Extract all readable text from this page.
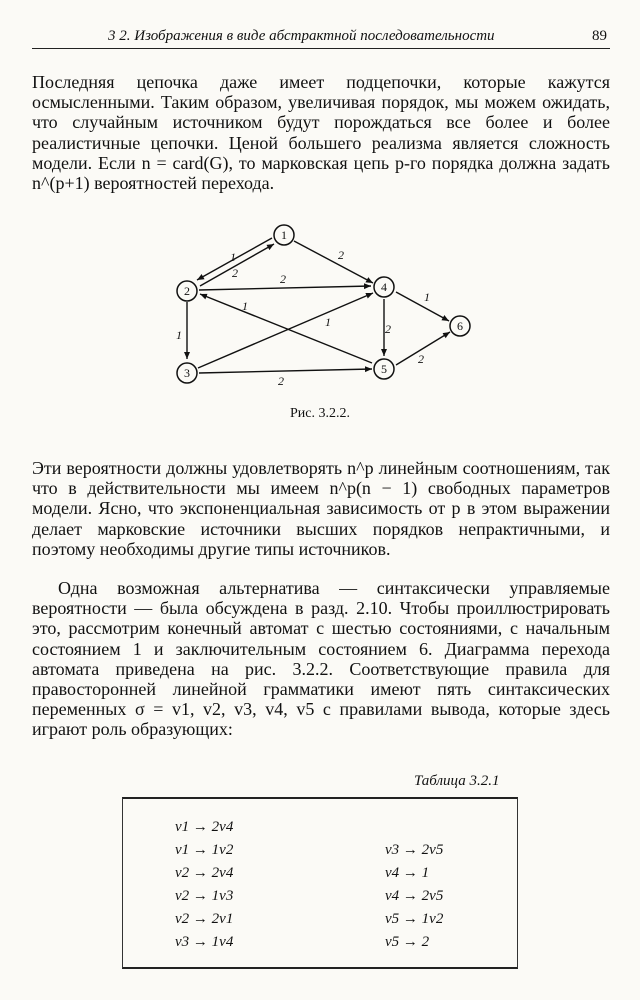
3 2. Изображения в виде абстрактной последовательности	89

Последняя цепочка даже имеет подцепочки, которые кажутся осмысленными. Таким образом, увеличивая порядок, мы можем ожидать, что случайным источником будут порождаться все более и более реалистичные цепочки. Ценой большего реализма является сложность модели. Если n = card(G), то марковская цепь p-го порядка должна задать n^(p+1) вероятностей перехода.

1
2
2
2
1
1
1
2
2
1
2
1
2
3
4
5
6
Рис. 3.2.2.

Эти вероятности должны удовлетворять n^p линейным соотношениям, так что в действительности мы имеем n^p(n − 1) свободных параметров модели. Ясно, что экспоненциальная зависимость от p в этом выражении делает марковские источники высших порядков непрактичными, и поэтому необходимы другие типы источников.

Одна возможная альтернатива — синтаксически управляемые вероятности — была обсуждена в разд. 2.10. Чтобы проиллюстрировать это, рассмотрим конечный автомат с шестью состояниями, с начальным состоянием 1 и заключительным состоянием 6. Диаграмма перехода автомата приведена на рис. 3.2.2. Соответствующие правила для правосторонней линейной грамматики имеют пять синтаксических переменных σ = v1, v2, v3, v4, v5 с правилами вывода, которые здесь играют роль образующих:

Таблица 3.2.1
v1 → 2v4
v1 → 1v2
v2 → 2v4
v2 → 1v3
v2 → 2v1
v3 → 1v4
v3 → 2v5
v4 → 1
v4 → 2v5
v5 → 1v2
v5 → 2
